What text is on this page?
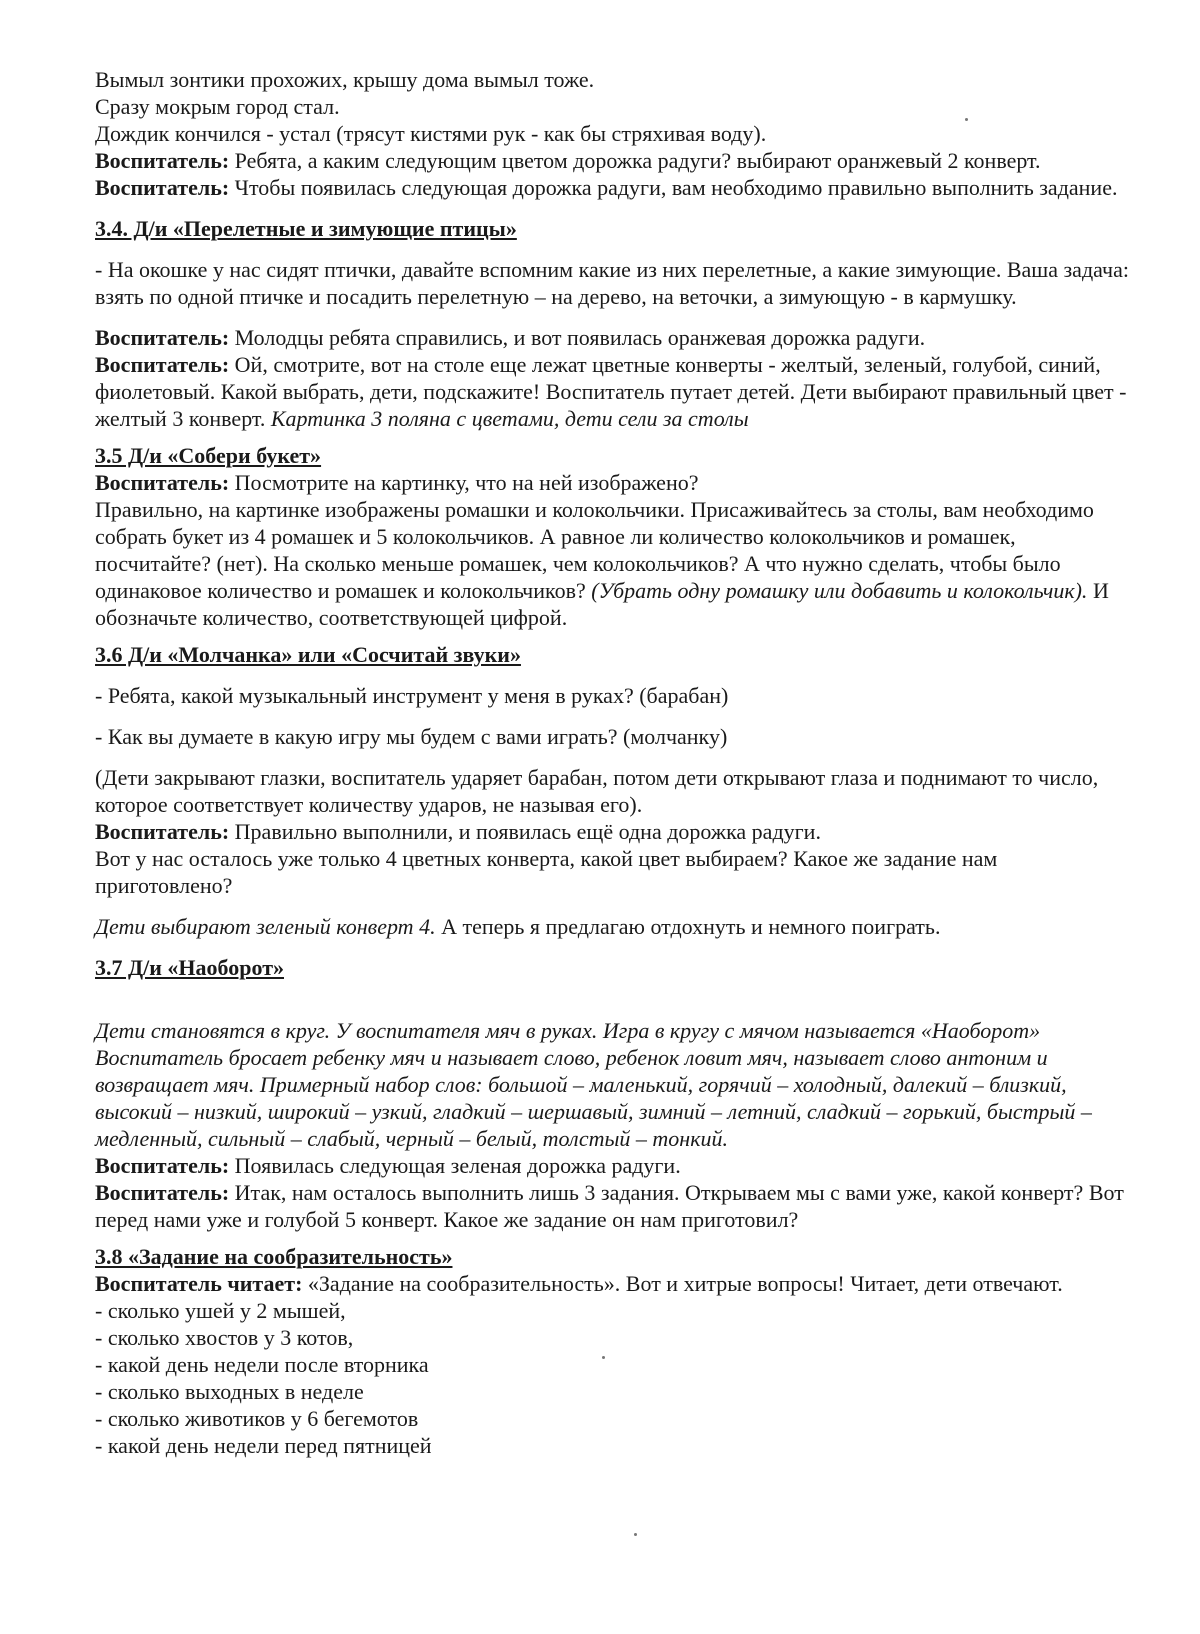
Вымыл зонтики прохожих, крышу дома вымыл тоже.
Сразу мокрым город стал.
Дождик кончился - устал (трясут кистями рук - как бы стряхивая воду).

Воспитатель: Ребята, а каким следующим цветом дорожка радуги? выбирают оранжевый 2 конверт.

Воспитатель: Чтобы появилась следующая дорожка радуги, вам необходимо правильно выполнить задание.

3.4. Д/и «Перелетные и зимующие птицы»

- На окошке у нас сидят птички, давайте вспомним какие из них перелетные, а какие зимующие. Ваша задача: взять по одной птичке и посадить перелетную – на дерево, на веточки, а зимующую - в кармушку.

Воспитатель: Молодцы ребята справились, и вот появилась оранжевая дорожка радуги.

Воспитатель: Ой, смотрите, вот на столе еще лежат цветные конверты - желтый, зеленый, голубой, синий, фиолетовый. Какой выбрать, дети, подскажите! Воспитатель путает детей. Дети выбирают правильный цвет - желтый 3 конверт. Картинка 3 поляна с цветами, дети сели за столы

3.5 Д/и «Собери букет»

Воспитатель: Посмотрите на картинку, что на ней изображено?

Правильно, на картинке изображены ромашки и колокольчики. Присаживайтесь за столы, вам необходимо собрать букет из 4 ромашек и 5 колокольчиков. А равное ли количество колокольчиков и ромашек, посчитайте? (нет). На сколько меньше ромашек, чем колокольчиков? А что нужно сделать, чтобы было одинаковое количество и ромашек и колокольчиков? (Убрать одну ромашку или добавить и колокольчик). И обозначьте количество, соответствующей цифрой.

3.6 Д/и «Молчанка» или «Сосчитай звуки»

- Ребята, какой музыкальный инструмент у меня в руках? (барабан)

- Как вы думаете в какую игру мы будем с вами играть? (молчанку)

(Дети закрывают глазки, воспитатель ударяет барабан, потом дети открывают глаза и поднимают то число, которое соответствует количеству ударов, не называя его).

Воспитатель: Правильно выполнили, и появилась ещё одна дорожка радуги.

Вот у нас осталось уже только 4 цветных конверта, какой цвет выбираем? Какое же задание нам приготовлено?

Дети выбирают зеленый конверт 4. А теперь я предлагаю отдохнуть и немного поиграть.

3.7 Д/и «Наоборот»

Дети становятся в круг. У воспитателя мяч в руках. Игра в кругу с мячом называется «Наоборот» Воспитатель бросает ребенку мяч и называет слово, ребенок ловит мяч, называет слово антоним и возвращает мяч. Примерный набор слов: большой – маленький, горячий – холодный, далекий – близкий, высокий – низкий, широкий – узкий, гладкий – шершавый, зимний – летний, сладкий – горький, быстрый – медленный, сильный – слабый, черный – белый, толстый – тонкий.

Воспитатель: Появилась следующая зеленая дорожка радуги.

Воспитатель: Итак, нам осталось выполнить лишь 3 задания. Открываем мы с вами уже, какой конверт? Вот перед нами уже и голубой 5 конверт. Какое же задание он нам приготовил?

3.8 «Задание на сообразительность»

Воспитатель читает: «Задание на сообразительность». Вот и хитрые вопросы! Читает, дети отвечают.

- сколько ушей у 2 мышей,
- сколько хвостов у 3 котов,
- какой день недели после вторника
- сколько выходных в неделе
- сколько животиков у 6 бегемотов
- какой день недели перед пятницей
